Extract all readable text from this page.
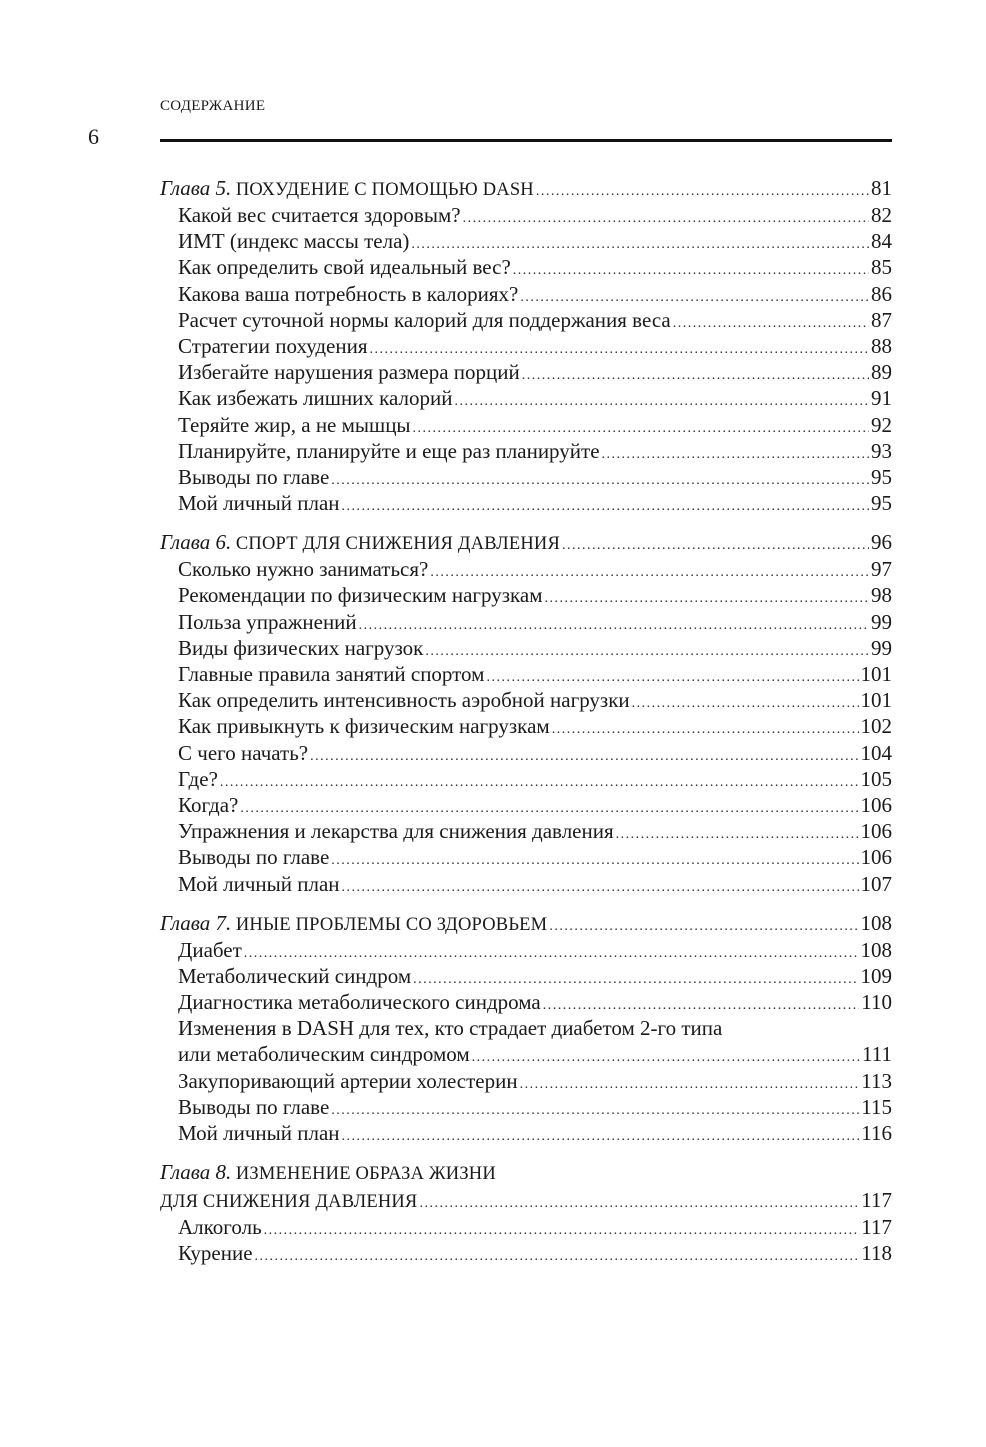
СОДЕРЖАНИЕ
6
Глава 5.
ПОХУДЕНИЕ С ПОМОЩЬЮ DASH .....	81
Какой вес считается здоровым? .....	82
ИМТ (индекс массы тела) .....	84
Как определить свой идеальный вес? .....	85
Какова ваша потребность в калориях? .....	86
Расчет суточной нормы калорий для поддержания веса .....	87
Стратегии похудения .....	88
Избегайте нарушения размера порций .....	89
Как избежать лишних калорий .....	91
Теряйте жир, а не мышцы .....	92
Планируйте, планируйте и еще раз планируйте .....	93
Выводы по главе .....	95
Мой личный план .....	95
Глава 6.
СПОРТ ДЛЯ СНИЖЕНИЯ ДАВЛЕНИЯ .....	96
Сколько нужно заниматься? .....	97
Рекомендации по физическим нагрузкам .....	98
Польза упражнений .....	99
Виды физических нагрузок .....	99
Главные правила занятий спортом .....	101
Как определить интенсивность аэробной нагрузки .....	101
Как привыкнуть к физическим нагрузкам .....	102
С чего начать? .....	104
Где? .....	105
Когда? .....	106
Упражнения и лекарства для снижения давления .....	106
Выводы по главе .....	106
Мой личный план .....	107
Глава 7.
ИНЫЕ ПРОБЛЕМЫ СО ЗДОРОВЬЕМ .....	108
Диабет .....	108
Метаболический синдром .....	109
Диагностика метаболического синдрома .....	110
Изменения в DASH для тех, кто страдает диабетом 2-го типа
или метаболическим синдромом .....	111
Закупоривающий артерии холестерин .....	113
Выводы по главе .....	115
Мой личный план .....	116
Глава 8. ИЗМЕНЕНИЕ ОБРАЗА ЖИЗНИ
ДЛЯ СНИЖЕНИЯ ДАВЛЕНИЯ .....	117
Алкоголь .....	117
Курение .....	118
